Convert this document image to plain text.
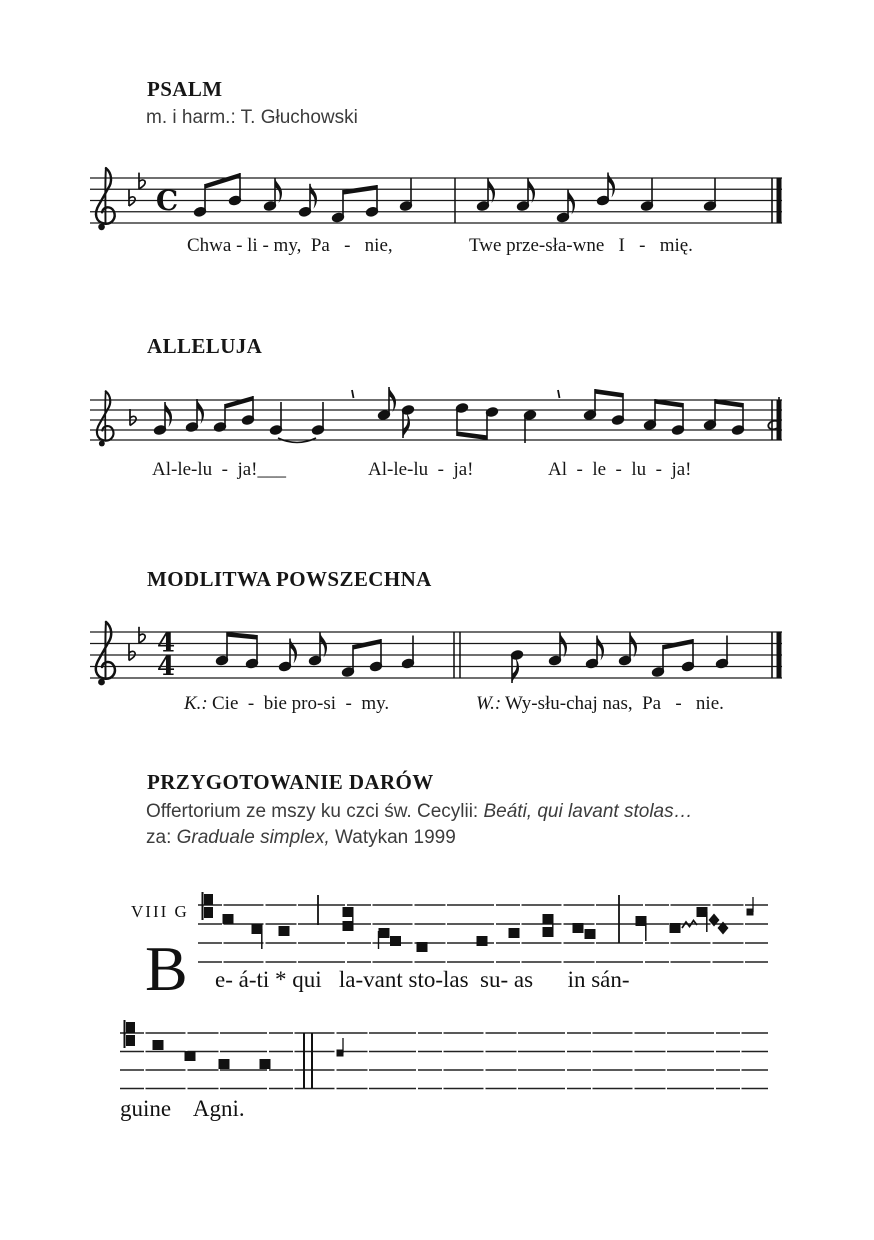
PSALM
m. i harm.: T. Głuchowski
C
Chwa - li - my,  Pa   -   nie,	Twe prze-sła-wne   I   -   mię.
ALLELUJA
Al-le-lu  -  ja!___	Al-le-lu  -  ja!	Al  -  le  -  lu  -  ja!
MODLITWA POWSZECHNA
4
4
K.: Cie  -  bie pro-si  -  my.	W.: Wy-słu-chaj nas,  Pa   -   nie.
PRZYGOTOWANIE DARÓW
Offertorium ze mszy ku czci św. Cecylii: Beáti, qui lavant stolas…
za: Graduale simplex, Watykan 1999
VIII G
B e- á-ti * qui   la-vant sto-las  su- as      in sán-
guine    Agni.
